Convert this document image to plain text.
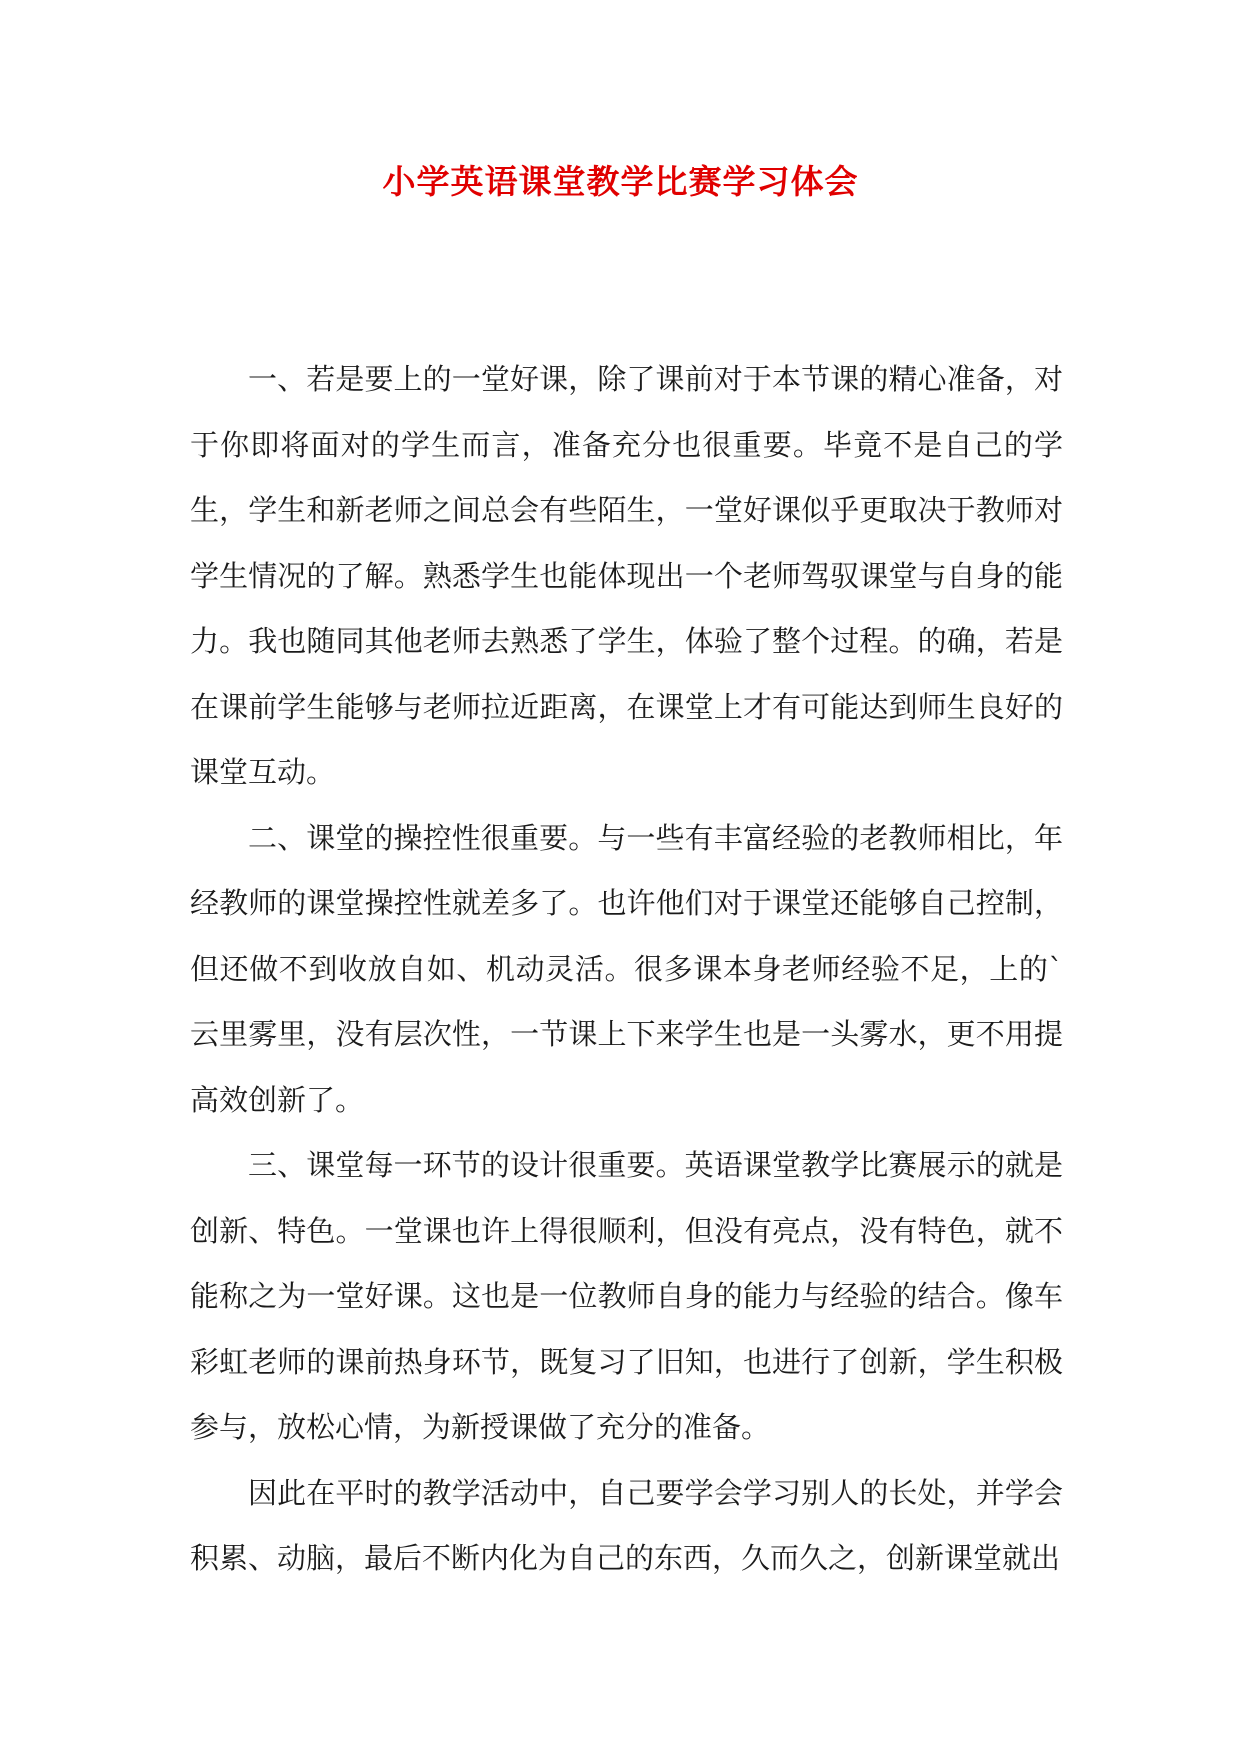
小学英语课堂教学比赛学习体会

一、若是要上的一堂好课，除了课前对于本节课的精心准备，对于你即将面对的学生而言，准备充分也很重要。毕竟不是自己的学生，学生和新老师之间总会有些陌生，一堂好课似乎更取决于教师对学生情况的了解。熟悉学生也能体现出一个老师驾驭课堂与自身的能力。我也随同其他老师去熟悉了学生，体验了整个过程。的确，若是在课前学生能够与老师拉近距离，在课堂上才有可能达到师生良好的课堂互动。

二、课堂的操控性很重要。与一些有丰富经验的老教师相比，年经教师的课堂操控性就差多了。也许他们对于课堂还能够自己控制，但还做不到收放自如、机动灵活。很多课本身老师经验不足，上的`云里雾里，没有层次性，一节课上下来学生也是一头雾水，更不用提高效创新了。

三、课堂每一环节的设计很重要。英语课堂教学比赛展示的就是创新、特色。一堂课也许上得很顺利，但没有亮点，没有特色，就不能称之为一堂好课。这也是一位教师自身的能力与经验的结合。像车彩虹老师的课前热身环节，既复习了旧知，也进行了创新，学生积极参与，放松心情，为新授课做了充分的准备。

因此在平时的教学活动中，自己要学会学习别人的长处，并学会积累、动脑，最后不断内化为自己的东西，久而久之，创新课堂就出
